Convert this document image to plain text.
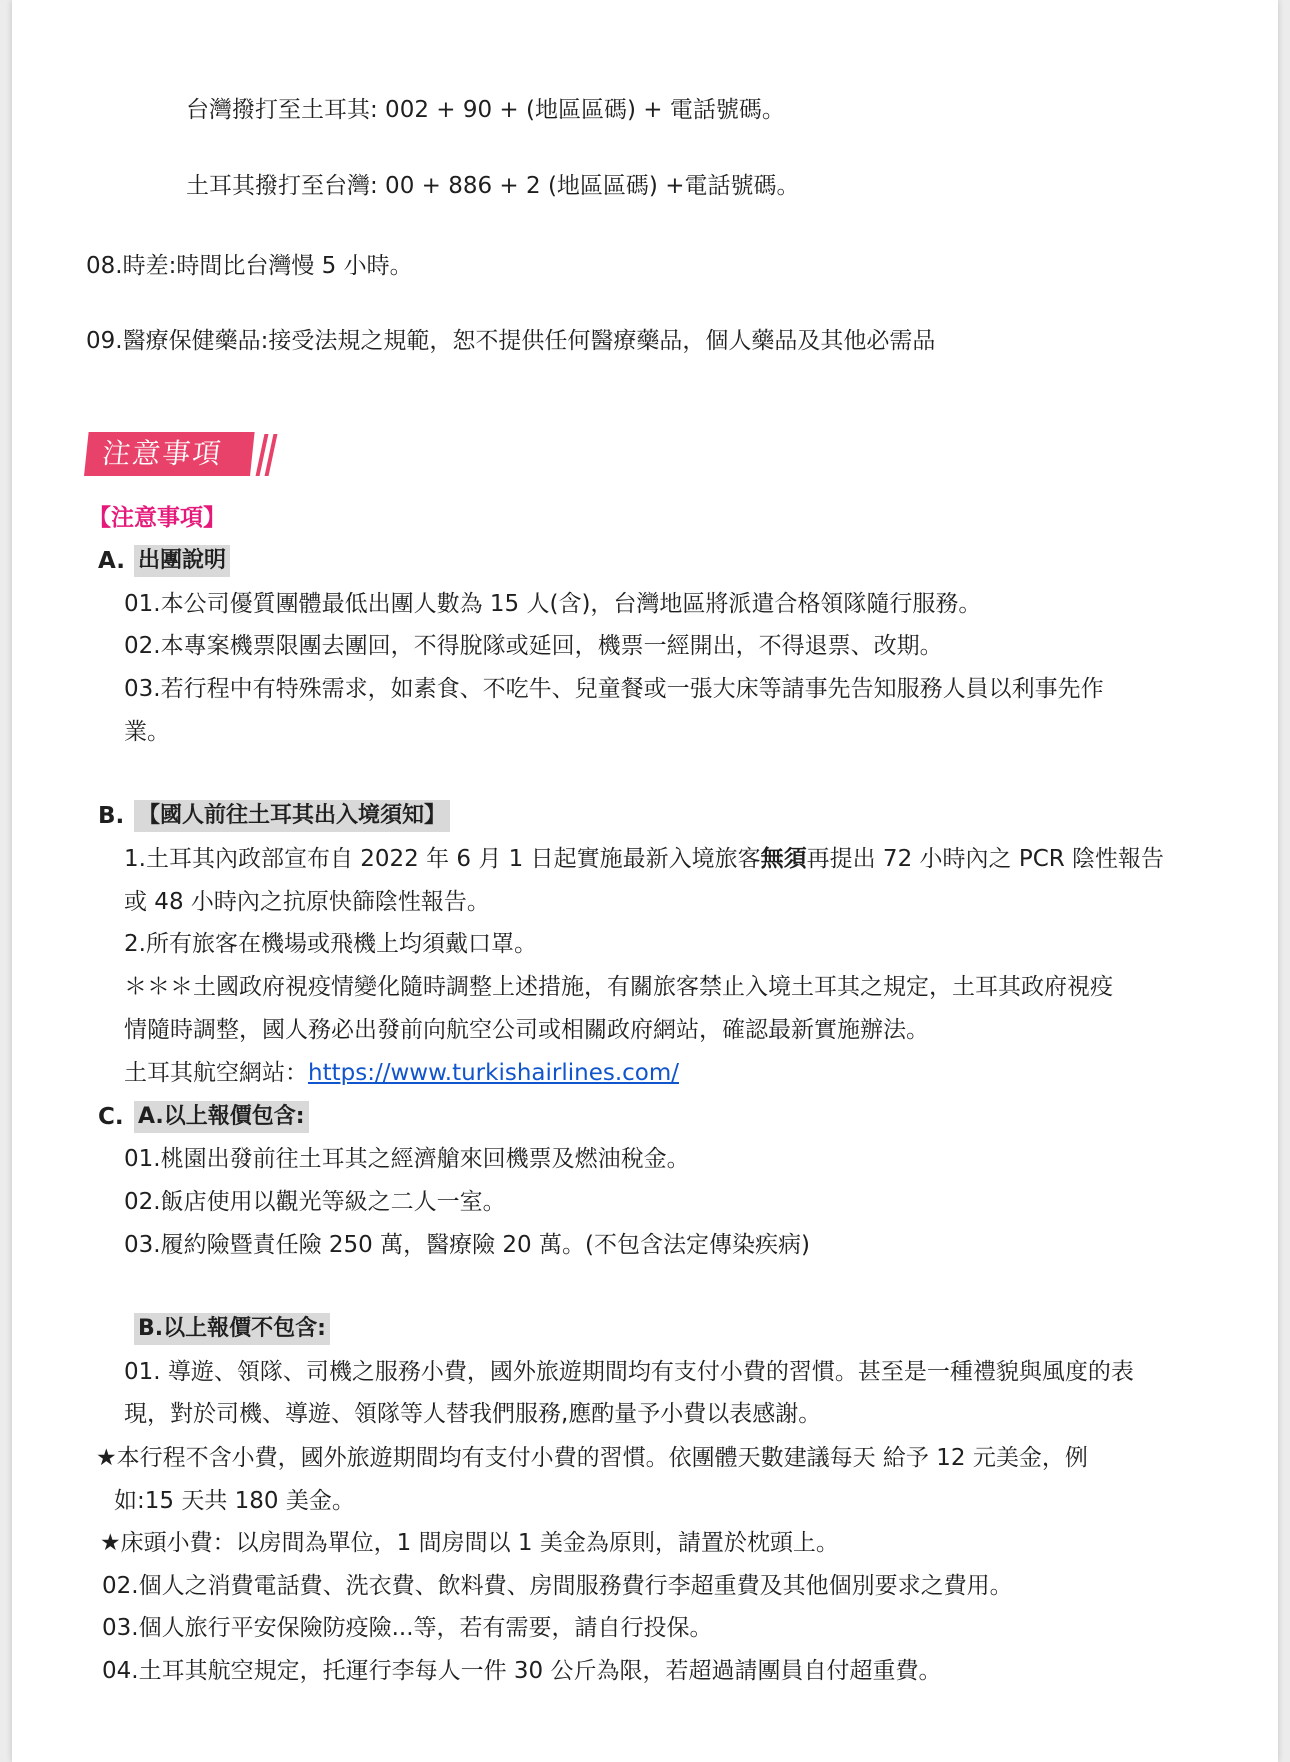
台灣撥打至土耳其: 002 + 90 + (地區區碼) + 電話號碼。
土耳其撥打至台灣: 00 + 886 + 2 (地區區碼) +電話號碼。
08.時差:時間比台灣慢 5 小時。
09.醫療保健藥品:接受法規之規範，恕不提供任何醫療藥品，個人藥品及其他必需品
注意事項
【注意事項】
A. 出團說明
01.本公司優質團體最低出團人數為 15 人(含)，台灣地區將派遣合格領隊隨行服務。
02.本專案機票限團去團回，不得脫隊或延回，機票一經開出，不得退票、改期。
03.若行程中有特殊需求，如素食、不吃牛、兒童餐或一張大床等請事先告知服務人員以利事先作
業。
B. 【國人前往土耳其出入境須知】
1.土耳其內政部宣布自 2022 年 6 月 1 日起實施最新入境旅客無須再提出 72 小時內之 PCR 陰性報告
或 48 小時內之抗原快篩陰性報告。
2.所有旅客在機場或飛機上均須戴口罩。
＊＊＊土國政府視疫情變化隨時調整上述措施，有關旅客禁止入境土耳其之規定，土耳其政府視疫
情隨時調整，國人務必出發前向航空公司或相關政府網站，確認最新實施辦法。
土耳其航空網站：https://www.turkishairlines.com/
C. A.以上報價包含:
01.桃園出發前往土耳其之經濟艙來回機票及燃油稅金。
02.飯店使用以觀光等級之二人一室。
03.履約險暨責任險 250 萬，醫療險 20 萬。(不包含法定傳染疾病)
B.以上報價不包含:
01. 導遊、領隊、司機之服務小費，國外旅遊期間均有支付小費的習慣。甚至是一種禮貌與風度的表
現，對於司機、導遊、領隊等人替我們服務,應酌量予小費以表感謝。
★本行程不含小費，國外旅遊期間均有支付小費的習慣。依團體天數建議每天 給予 12 元美金，例
如:15 天共 180 美金。
★床頭小費：以房間為單位，1 間房間以 1 美金為原則，請置於枕頭上。
02.個人之消費電話費、洗衣費、飲料費、房間服務費行李超重費及其他個別要求之費用。
03.個人旅行平安保險防疫險...等，若有需要，請自行投保。
04.土耳其航空規定，托運行李每人一件 30 公斤為限，若超過請團員自付超重費。
